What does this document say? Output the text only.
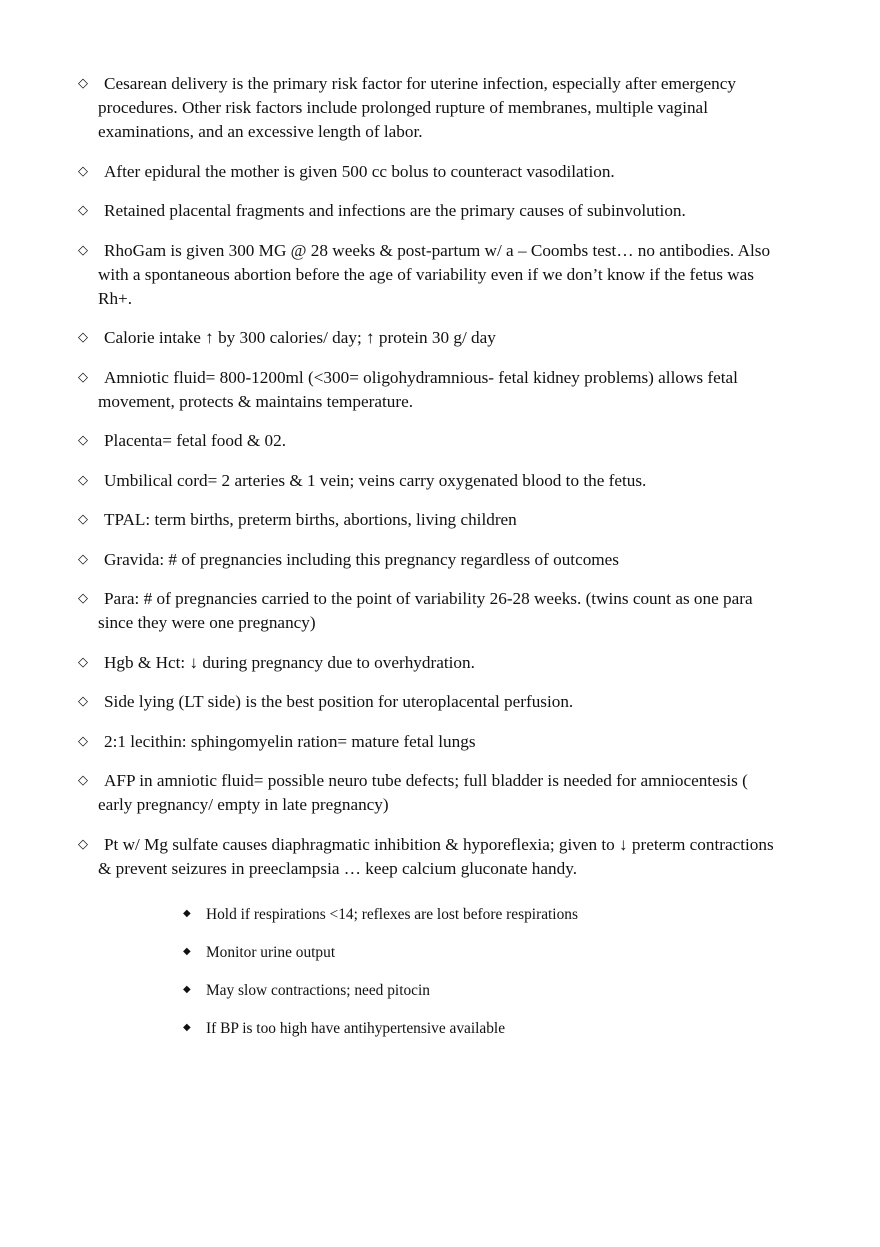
◇ Cesarean delivery is the primary risk factor for uterine infection, especially after emergency procedures. Other risk factors include prolonged rupture of membranes, multiple vaginal examinations, and an excessive length of labor.
◇ After epidural the mother is given 500 cc bolus to counteract vasodilation.
◇ Retained placental fragments and infections are the primary causes of subinvolution.
◇ RhoGam is given 300 MG @ 28 weeks & post-partum w/ a – Coombs test… no antibodies. Also with a spontaneous abortion before the age of variability even if we don’t know if the fetus was Rh+.
◇ Calorie intake ↑ by 300 calories/ day; ↑ protein 30 g/ day
◇ Amniotic fluid= 800-1200ml (<300= oligohydramnious- fetal kidney problems) allows fetal movement, protects & maintains temperature.
◇ Placenta= fetal food & 02.
◇ Umbilical cord= 2 arteries & 1 vein; veins carry oxygenated blood to the fetus.
◇ TPAL: term births, preterm births, abortions, living children
◇ Gravida: # of pregnancies including this pregnancy regardless of outcomes
◇ Para: # of pregnancies carried to the point of variability 26-28 weeks. (twins count as one para since they were one pregnancy)
◇ Hgb & Hct: ↓ during pregnancy due to overhydration.
◇ Side lying (LT side) is the best position for uteroplacental perfusion.
◇ 2:1 lecithin: sphingomyelin ration= mature fetal lungs
◇ AFP in amniotic fluid= possible neuro tube defects; full bladder is needed for amniocentesis ( early pregnancy/ empty in late pregnancy)
◇ Pt w/ Mg sulfate causes diaphragmatic inhibition & hyporeflexia; given to ↓ preterm contractions & prevent seizures in preeclampsia … keep calcium gluconate handy.
◆ Hold if respirations <14; reflexes are lost before respirations
◆ Monitor urine output
◆ May slow contractions; need pitocin
◆ If BP is too high have antihypertensive available
